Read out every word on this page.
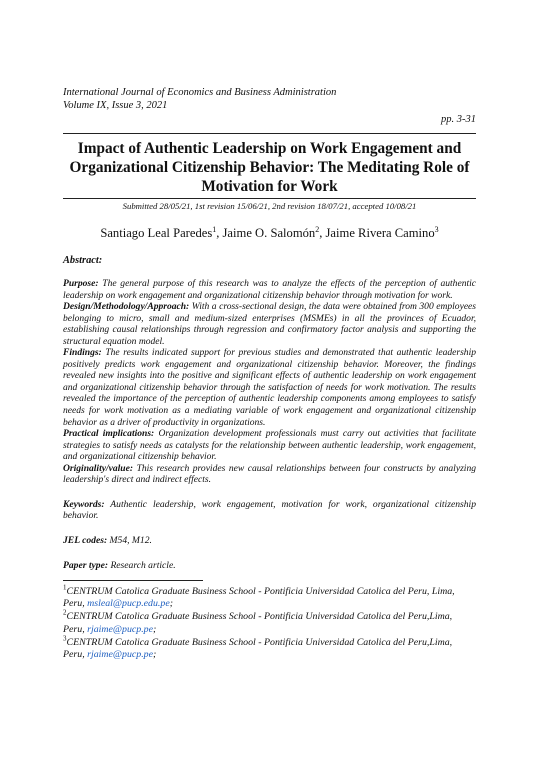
International Journal of Economics and Business Administration
Volume IX, Issue 3, 2021
pp. 3-31
Impact of Authentic Leadership on Work Engagement and Organizational Citizenship Behavior: The Meditating Role of Motivation for Work
Submitted 28/05/21, 1st revision 15/06/21, 2nd revision 18/07/21, accepted 10/08/21
Santiago Leal Paredes$^1$, Jaime O. Salomón$^2$, Jaime Rivera Camino$^3$
Abstract:

Purpose: The general purpose of this research was to analyze the effects of the perception of authentic leadership on work engagement and organizational citizenship behavior through motivation for work.

Design/Methodology/Approach: With a cross-sectional design, the data were obtained from 300 employees belonging to micro, small and medium-sized enterprises (MSMEs) in all the provinces of Ecuador, establishing causal relationships through regression and confirmatory factor analysis and supporting the structural equation model.

Findings: The results indicated support for previous studies and demonstrated that authentic leadership positively predicts work engagement and organizational citizenship behavior. Moreover, the findings revealed new insights into the positive and significant effects of authentic leadership on work engagement and organizational citizenship behavior through the satisfaction of needs for work motivation. The results revealed the importance of the perception of authentic leadership components among employees to satisfy needs for work motivation as a mediating variable of work engagement and organizational citizenship behavior as a driver of productivity in organizations.

Practical implications: Organization development professionals must carry out activities that facilitate strategies to satisfy needs as catalysts for the relationship between authentic leadership, work engagement, and organizational citizenship behavior.

Originality/value: This research provides new causal relationships between four constructs by analyzing leadership's direct and indirect effects.

Keywords: Authentic leadership, work engagement, motivation for work, organizational citizenship behavior.
JEL codes: M54, M12.
Paper type: Research article.

$^1$CENTRUM Catolica Graduate Business School - Pontificia Universidad Catolica del Peru, Lima, Peru, msleal@pucp.edu.pe;

$^2$CENTRUM Catolica Graduate Business School - Pontificia Universidad Catolica del Peru,Lima, Peru, rjaime@pucp.pe;

$^3$CENTRUM Catolica Graduate Business School - Pontificia Universidad Catolica del Peru,Lima, Peru, rjaime@pucp.pe;
